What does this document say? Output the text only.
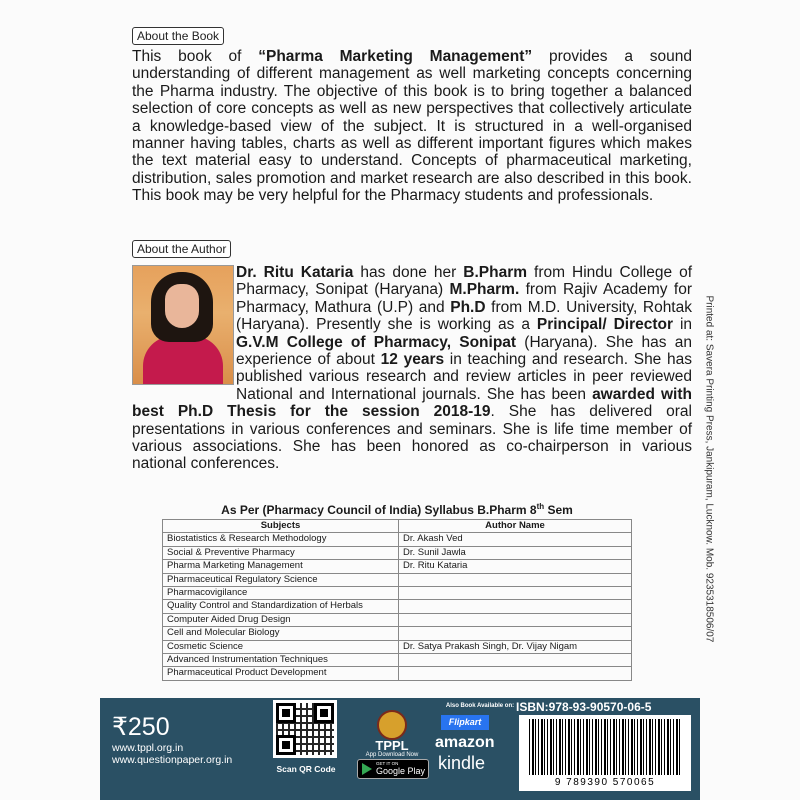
About the Book
This book of “Pharma Marketing Management” provides a sound understanding of different management as well marketing concepts concerning the Pharma industry. The objective of this book is to bring together a balanced selection of core concepts as well as new perspectives that collectively articulate a knowledge-based view of the subject. It is structured in a well-organised manner having tables, charts as well as different important figures which makes the text material easy to understand. Concepts of pharmaceutical marketing, distribution, sales promotion and market research are also described in this book. This book may be very helpful for the Pharmacy students and professionals.
About the Author
Dr. Ritu Kataria has done her B.Pharm from Hindu College of Pharmacy, Sonipat (Haryana) M.Pharm. from Rajiv Academy for Pharmacy, Mathura (U.P) and Ph.D from M.D. University, Rohtak (Haryana). Presently she is working as a Principal/ Director in G.V.M College of Pharmacy, Sonipat (Haryana). She has an experience of about 12 years in teaching and research. She has published various research and review articles in peer reviewed National and International journals. She has been awarded with best Ph.D Thesis for the session 2018-19. She has delivered oral presentations in various conferences and seminars. She is life time member of various associations. She has been honored as co-chairperson in various national conferences.	Printed at: Savera Printing Press, Jankipuram, Lucknow. Mob. 9235318506/07
As Per (Pharmacy Council of India) Syllabus B.Pharm 8th Sem
Subjects	Author Name
Biostatistics & Research Methodology	Dr. Akash Ved
Social & Preventive Pharmacy	Dr. Sunil Jawla
Pharma Marketing Management	Dr. Ritu Kataria
Pharmaceutical Regulatory Science	
Pharmacovigilance	
Quality Control and Standardization of Herbals	
Computer Aided Drug Design	
Cell and Molecular Biology	
Cosmetic Science	Dr. Satya Prakash Singh, Dr. Vijay Nigam
Advanced Instrumentation Techniques	
Pharmaceutical Product Development	
₹250
www.tppl.org.in
www.questionpaper.org.in
Scan QR Code
TPPL
App Download Now
GET IT ON
Google Play
Also Book Available on:
Flipkart
amazon
kindle
ISBN:978-93-90570-06-5
9 789390 570065
